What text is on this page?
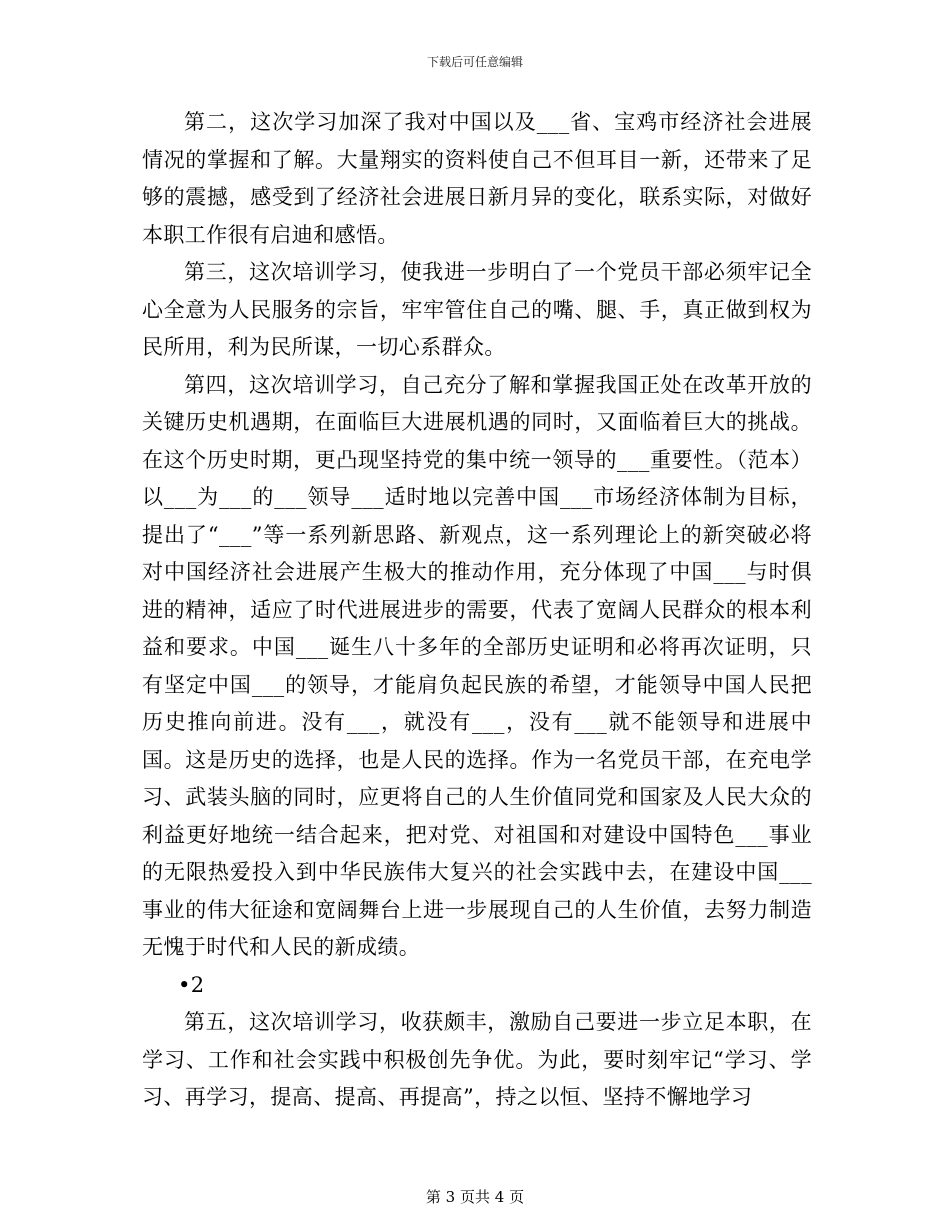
下载后可任意编辑

第二，这次学习加深了我对中国以及___省、宝鸡市经济社会进展情况的掌握和了解。大量翔实的资料使自己不但耳目一新，还带来了足够的震撼，感受到了经济社会进展日新月异的变化，联系实际，对做好本职工作很有启迪和感悟。

第三，这次培训学习，使我进一步明白了一个党员干部必须牢记全心全意为人民服务的宗旨，牢牢管住自己的嘴、腿、手，真正做到权为民所用，利为民所谋，一切心系群众。

第四，这次培训学习，自己充分了解和掌握我国正处在改革开放的关键历史机遇期，在面临巨大进展机遇的同时，又面临着巨大的挑战。在这个历史时期，更凸现坚持党的集中统一领导的___重要性。（范本）以___为___的___领导___适时地以完善中国___市场经济体制为目标，提出了“___”等一系列新思路、新观点，这一系列理论上的新突破必将对中国经济社会进展产生极大的推动作用，充分体现了中国___与时俱进的精神，适应了时代进展进步的需要，代表了宽阔人民群众的根本利益和要求。中国___诞生八十多年的全部历史证明和必将再次证明，只有坚定中国___的领导，才能肩负起民族的希望，才能领导中国人民把历史推向前进。没有___，就没有___，没有___就不能领导和进展中国。这是历史的选择，也是人民的选择。作为一名党员干部，在充电学习、武装头脑的同时，应更将自己的人生价值同党和国家及人民大众的利益更好地统一结合起来，把对党、对祖国和对建设中国特色___事业的无限热爱投入到中华民族伟大复兴的社会实践中去，在建设中国___事业的伟大征途和宽阔舞台上进一步展现自己的人生价值，去努力制造无愧于时代和人民的新成绩。

•2

第五，这次培训学习，收获颇丰，激励自己要进一步立足本职，在学习、工作和社会实践中积极创先争优。为此，要时刻牢记“学习、学习、再学习，提高、提高、再提高”，持之以恒、坚持不懈地学习

第 3 页共 4 页
